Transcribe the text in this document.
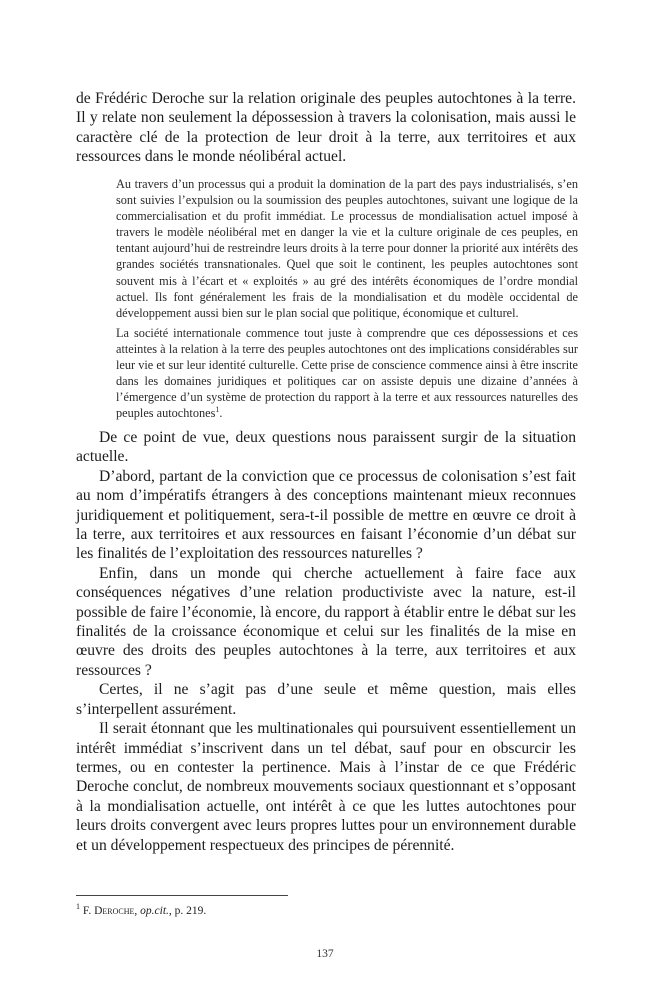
de Frédéric Deroche sur la relation originale des peuples autochtones à la terre. Il y relate non seulement la dépossession à travers la colonisation, mais aussi le caractère clé de la protection de leur droit à la terre, aux territoires et aux ressources dans le monde néolibéral actuel.

Au travers d’un processus qui a produit la domination de la part des pays industrialisés, s’en sont suivies l’expulsion ou la soumission des peuples autochtones, suivant une logique de la commercialisation et du profit immédiat. Le processus de mondialisation actuel imposé à travers le modèle néolibéral met en danger la vie et la culture originale de ces peuples, en tentant aujourd’hui de restreindre leurs droits à la terre pour donner la priorité aux intérêts des grandes sociétés transnationales. Quel que soit le continent, les peuples autochtones sont souvent mis à l’écart et « exploités » au gré des intérêts économiques de l’ordre mondial actuel. Ils font généralement les frais de la mondialisation et du modèle occidental de développement aussi bien sur le plan social que politique, économique et culturel.

La société internationale commence tout juste à comprendre que ces dépossessions et ces atteintes à la relation à la terre des peuples autochtones ont des implications considérables sur leur vie et sur leur identité culturelle. Cette prise de conscience commence ainsi à être inscrite dans les domaines juridiques et politiques car on assiste depuis une dizaine d’années à l’émergence d’un système de protection du rapport à la terre et aux ressources naturelles des peuples autochtones$^1$.

De ce point de vue, deux questions nous paraissent surgir de la situation actuelle.

D’abord, partant de la conviction que ce processus de colonisation s’est fait au nom d’impératifs étrangers à des conceptions maintenant mieux reconnues juridiquement et politiquement, sera-t-il possible de mettre en œuvre ce droit à la terre, aux territoires et aux ressources en faisant l’économie d’un débat sur les finalités de l’exploitation des ressources naturelles ?

Enfin, dans un monde qui cherche actuellement à faire face aux conséquences négatives d’une relation productiviste avec la nature, est-il possible de faire l’économie, là encore, du rapport à établir entre le débat sur les finalités de la croissance économique et celui sur les finalités de la mise en œuvre des droits des peuples autochtones à la terre, aux territoires et aux ressources ?

Certes, il ne s’agit pas d’une seule et même question, mais elles s’interpellent assurément.

Il serait étonnant que les multinationales qui poursuivent essentiellement un intérêt immédiat s’inscrivent dans un tel débat, sauf pour en obscurcir les termes, ou en contester la pertinence. Mais à l’instar de ce que Frédéric Deroche conclut, de nombreux mouvements sociaux questionnant et s’opposant à la mondialisation actuelle, ont intérêt à ce que les luttes autochtones pour leurs droits convergent avec leurs propres luttes pour un environnement durable et un développement respectueux des principes de pérennité.

$^1$ F. Deroche, op.cit., p. 219.
137
